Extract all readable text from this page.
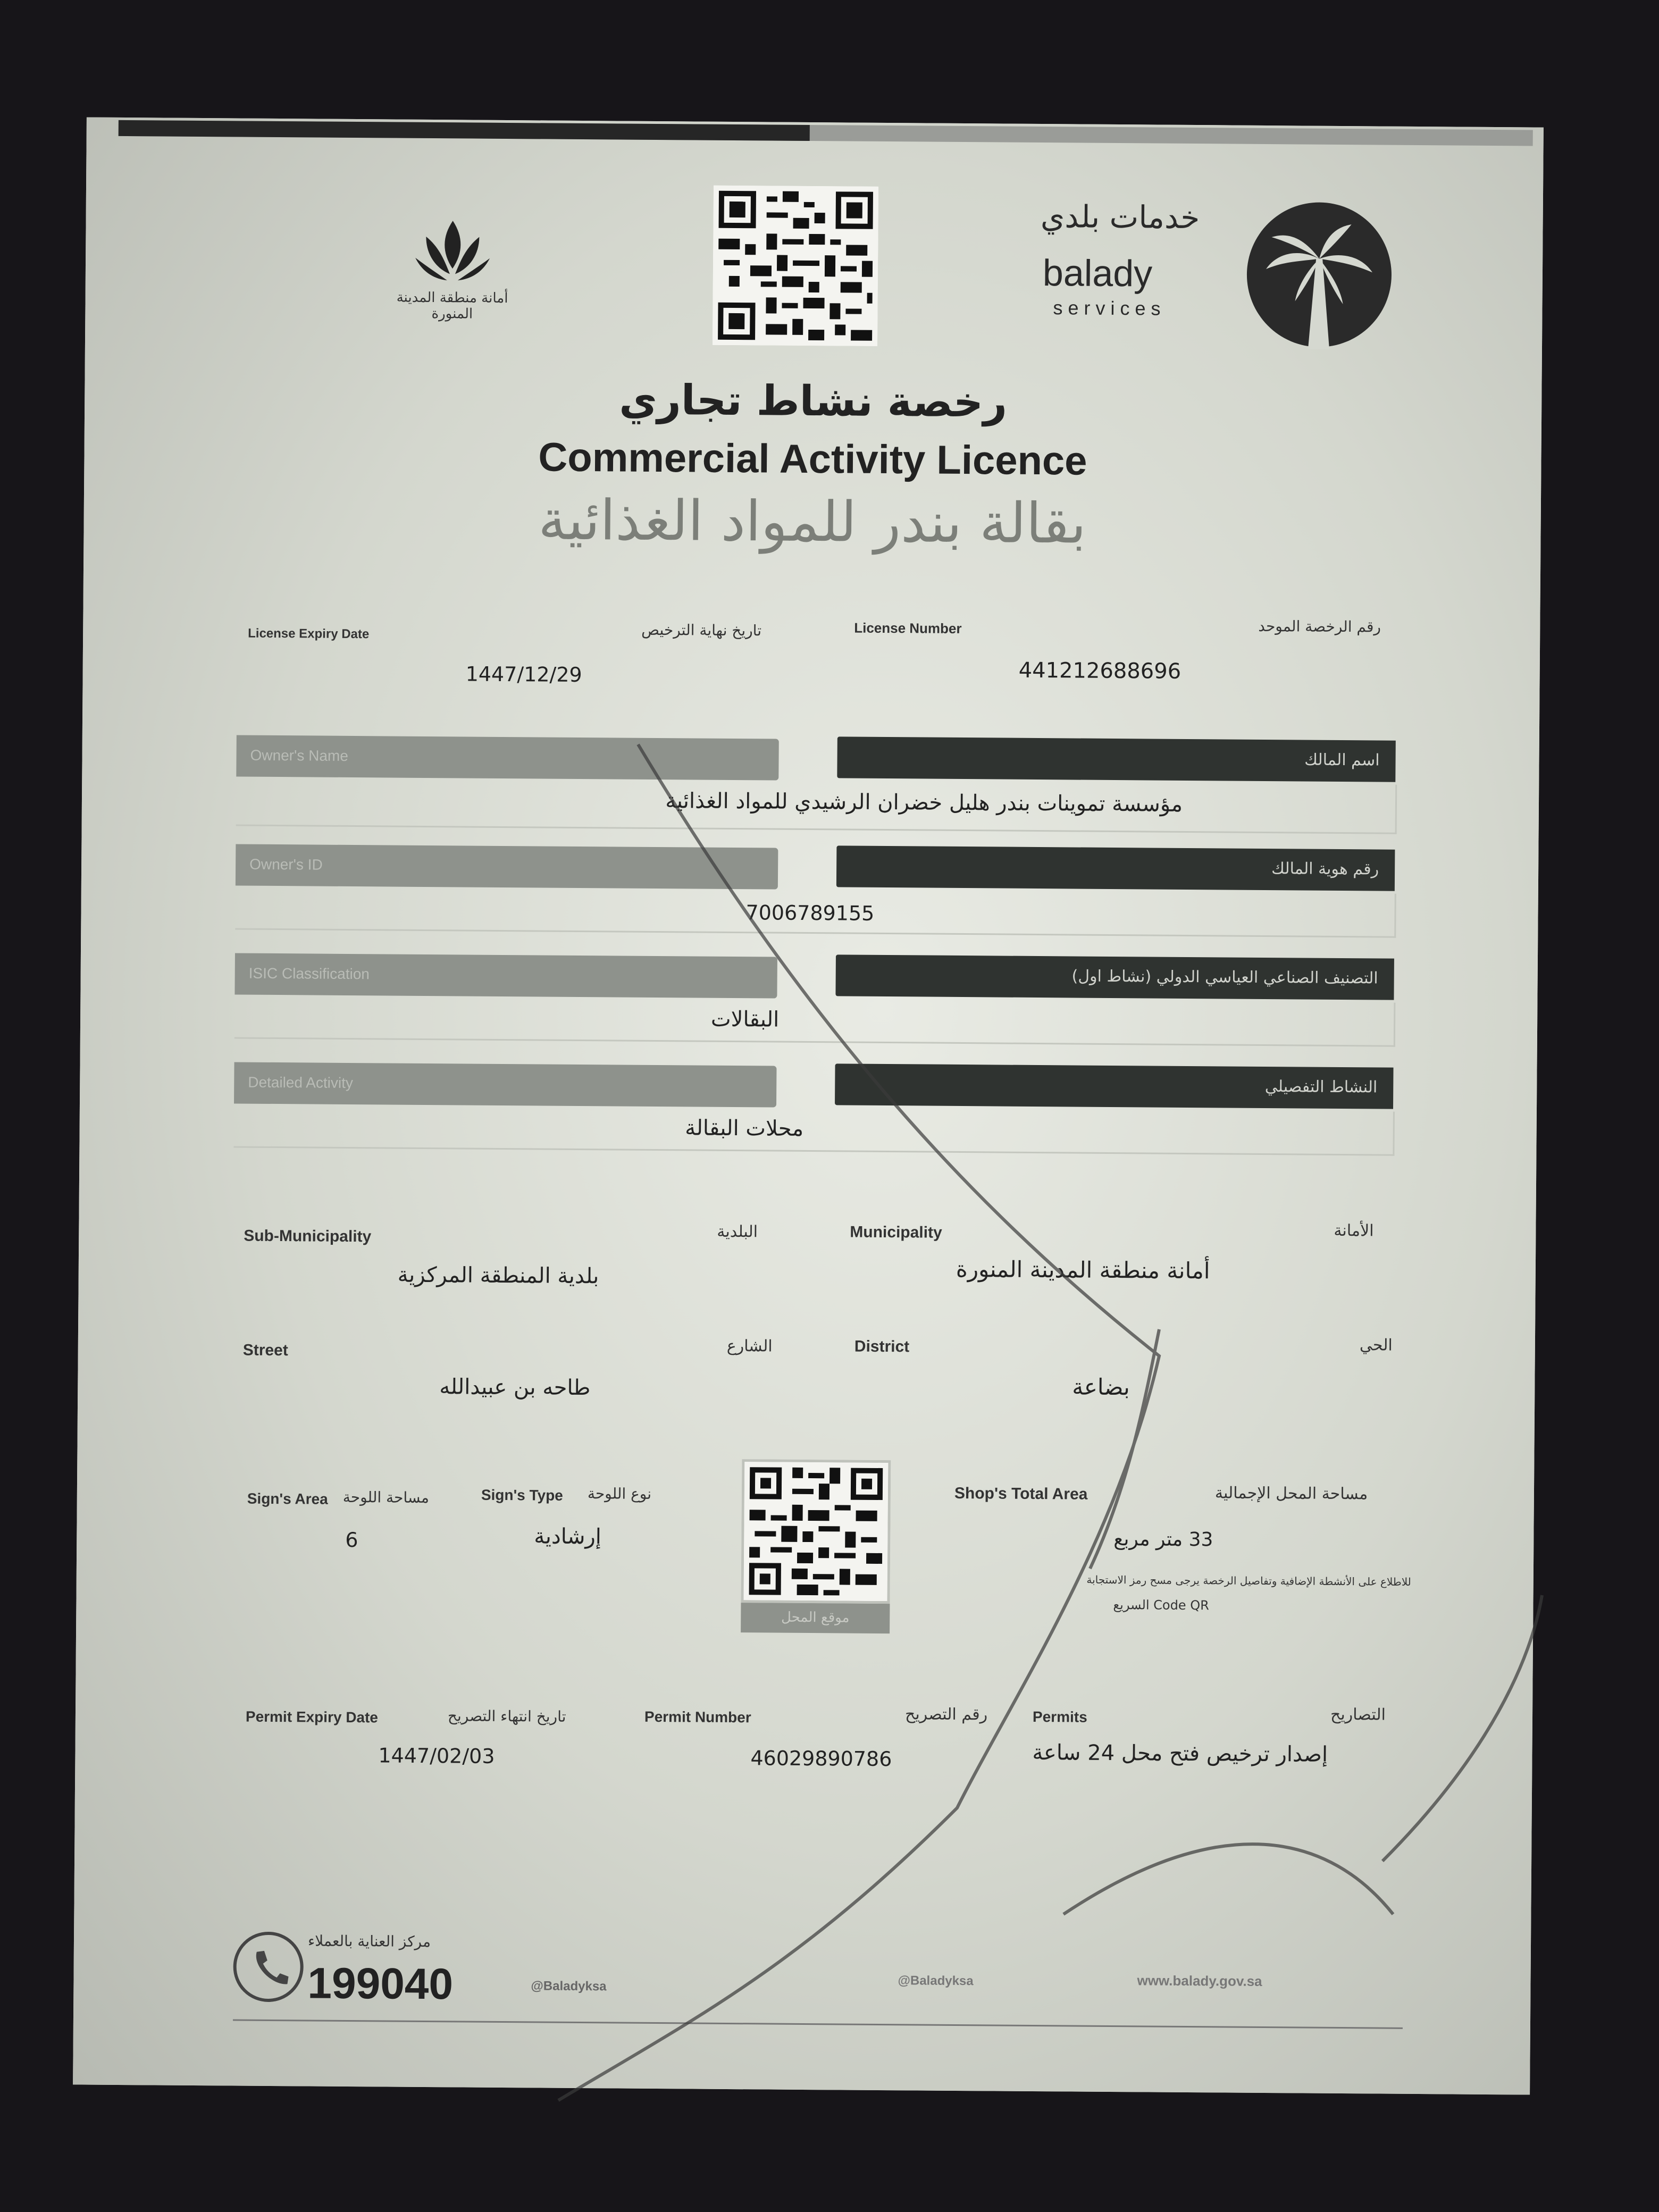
أمانة منطقة المدينة المنورة
خدمات بلدي
balady
services
رخصة نشاط تجاري
Commercial Activity Licence
بقالة بندر للمواد الغذائية
License Expiry Date	تاريخ نهاية الترخيص
1447/12/29
License Number	رقم الرخصة الموحد
441212688696
Owner's Name	اسم المالك
مؤسسة تموينات بندر هليل خضران الرشيدي للمواد الغذائية
Owner's ID	رقم هوية المالك
7006789155
ISIC Classification	التصنيف الصناعي العياسي الدولي (نشاط اول)
البقالات
Detailed Activity	النشاط التفصيلي
محلات البقالة
Sub-Municipality	البلدية
بلدية المنطقة المركزية
Municipality	الأمانة
أمانة منطقة المدينة المنورة
Street	الشارع
طاحه بن عبيدالله
District	الحي
بضاعة
Sign's Area مساحة اللوحة
6
Sign's Type نوع اللوحة
إرشادية
موقع المحل
Shop's Total Area	مساحة المحل الإجمالية
33 متر مربع
للاطلاع على الأنشطة الإضافية وتفاصيل الرخصة يرجى مسح رمز الاستجابة
Code QR السريع
Permit Expiry Date	تاريخ انتهاء التصريح
1447/02/03
Permit Number	رقم التصريح
46029890786
Permits	التصاريح
إصدار ترخيص فتح محل 24 ساعة
مركز العناية بالعملاء
199040	@Baladyksa	@Baladyksa	www.balady.gov.sa
